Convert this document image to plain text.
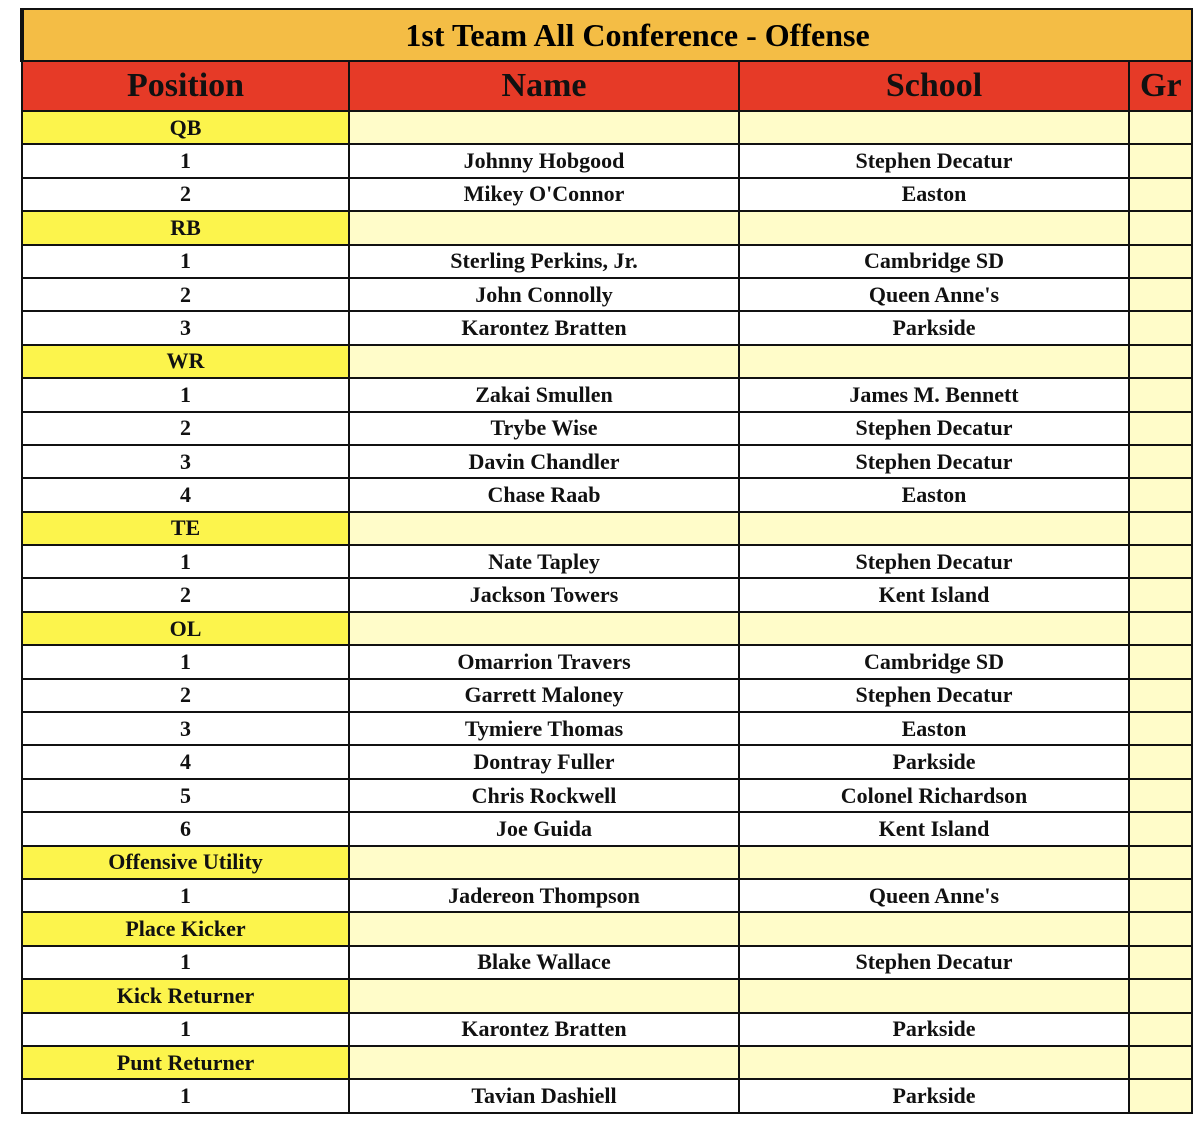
1st Team All Conference - Offense			
Position	Name	School	Gr
QB			
1	Johnny Hobgood	Stephen Decatur	
2	Mikey O'Connor	Easton	
RB			
1	Sterling Perkins, Jr.	Cambridge SD	
2	John Connolly	Queen Anne's	
3	Karontez Bratten	Parkside	
WR			
1	Zakai Smullen	James M. Bennett	
2	Trybe Wise	Stephen Decatur	
3	Davin Chandler	Stephen Decatur	
4	Chase Raab	Easton	
TE			
1	Nate Tapley	Stephen Decatur	
2	Jackson Towers	Kent Island	
OL			
1	Omarrion Travers	Cambridge SD	
2	Garrett Maloney	Stephen Decatur	
3	Tymiere Thomas	Easton	
4	Dontray Fuller	Parkside	
5	Chris Rockwell	Colonel Richardson	
6	Joe Guida	Kent Island	
Offensive Utility			
1	Jadereon Thompson	Queen Anne's	
Place Kicker			
1	Blake Wallace	Stephen Decatur	
Kick Returner			
1	Karontez Bratten	Parkside	
Punt Returner			
1	Tavian Dashiell	Parkside	
